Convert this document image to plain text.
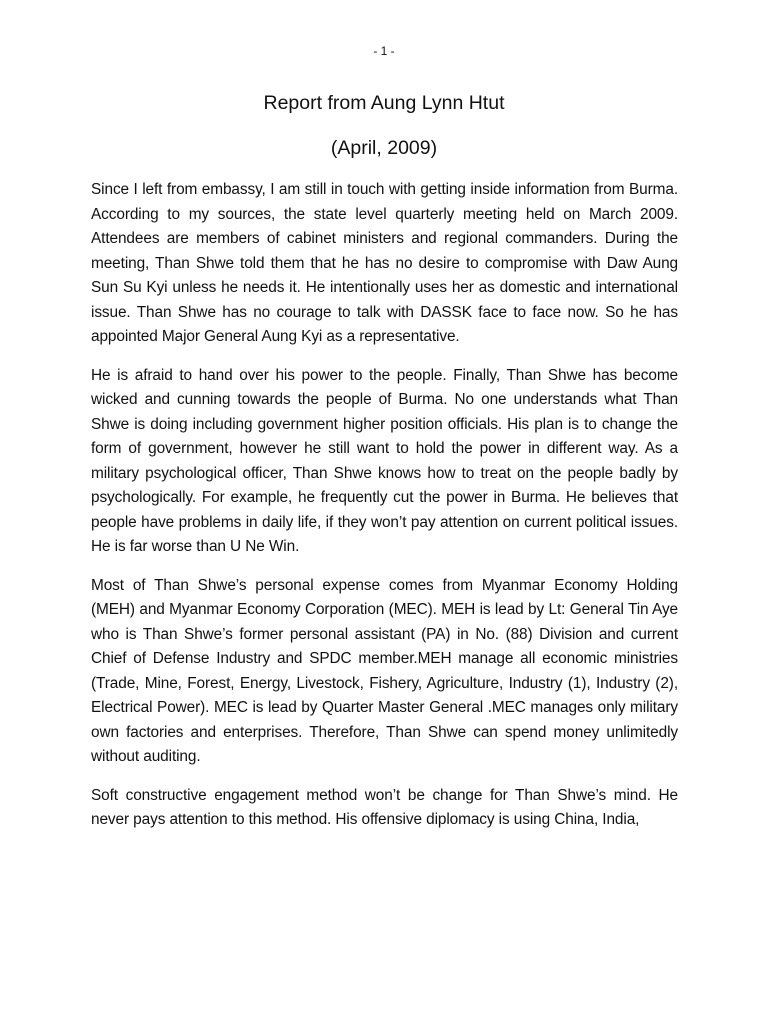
- 1 -
Report from Aung Lynn Htut
(April, 2009)

Since I left from embassy, I am still in touch with getting inside information from Burma. According to my sources, the state level quarterly meeting held on March 2009. Attendees are members of cabinet ministers and regional commanders. During the meeting, Than Shwe told them that he has no desire to compromise with Daw Aung Sun Su Kyi unless he needs it. He intentionally uses her as domestic and international issue. Than Shwe has no courage to talk with DASSK face to face now. So he has appointed Major General Aung Kyi as a representative.

He is afraid to hand over his power to the people. Finally, Than Shwe has become wicked and cunning towards the people of Burma. No one understands what Than Shwe is doing including government higher position officials. His plan is to change the form of government, however he still want to hold the power in different way. As a military psychological officer, Than Shwe knows how to treat on the people badly by psychologically. For example, he frequently cut the power in Burma. He believes that people have problems in daily life, if they won’t pay attention on current political issues. He is far worse than U Ne Win.

Most of Than Shwe’s personal expense comes from Myanmar Economy Holding (MEH) and Myanmar Economy Corporation (MEC). MEH is lead by Lt: General Tin Aye who is Than Shwe’s former personal assistant (PA) in No. (88) Division and current Chief of Defense Industry and SPDC member.MEH manage all economic ministries (Trade, Mine, Forest, Energy, Livestock, Fishery, Agriculture, Industry (1), Industry (2), Electrical Power). MEC is lead by Quarter Master General .MEC manages only military own factories and enterprises. Therefore, Than Shwe can spend money unlimitedly without auditing.

Soft constructive engagement method won’t be change for Than Shwe’s mind. He never pays attention to this method. His offensive diplomacy is using China, India,
